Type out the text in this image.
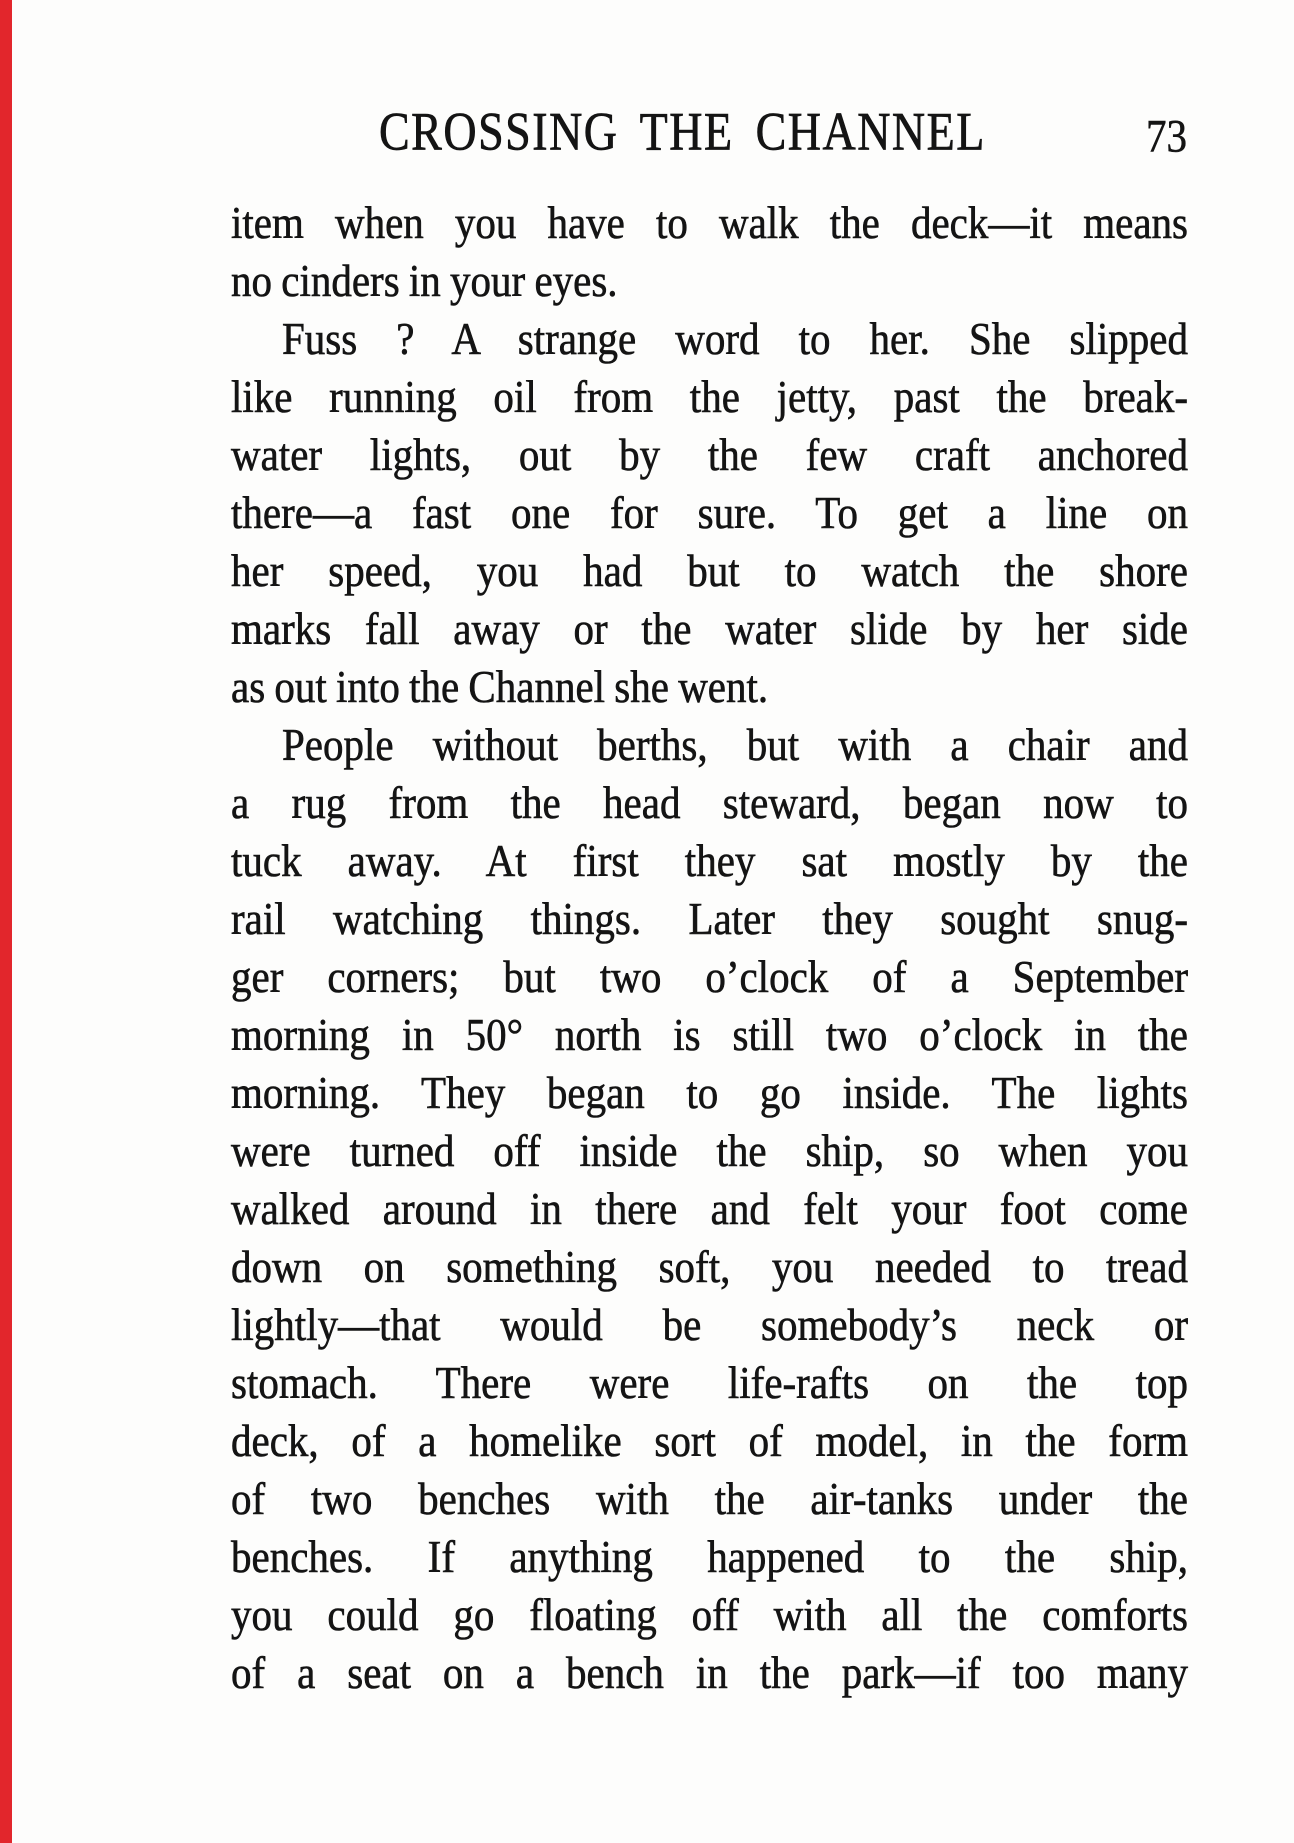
CROSSING THE CHANNEL	73
item when you have to walk the deck—it means
no cinders in your eyes.
Fuss ? A strange word to her. She slipped
like running oil from the jetty, past the break-
water lights, out by the few craft anchored
there—a fast one for sure. To get a line on
her speed, you had but to watch the shore
marks fall away or the water slide by her side
as out into the Channel she went.
People without berths, but with a chair and
a rug from the head steward, began now to
tuck away. At first they sat mostly by the
rail watching things. Later they sought snug-
ger corners; but two o’clock of a September
morning in 50° north is still two o’clock in the
morning. They began to go inside. The lights
were turned off inside the ship, so when you
walked around in there and felt your foot come
down on something soft, you needed to tread
lightly—that would be somebody’s neck or
stomach. There were life-rafts on the top
deck, of a homelike sort of model, in the form
of two benches with the air-tanks under the
benches. If anything happened to the ship,
you could go floating off with all the comforts
of a seat on a bench in the park—if too many
